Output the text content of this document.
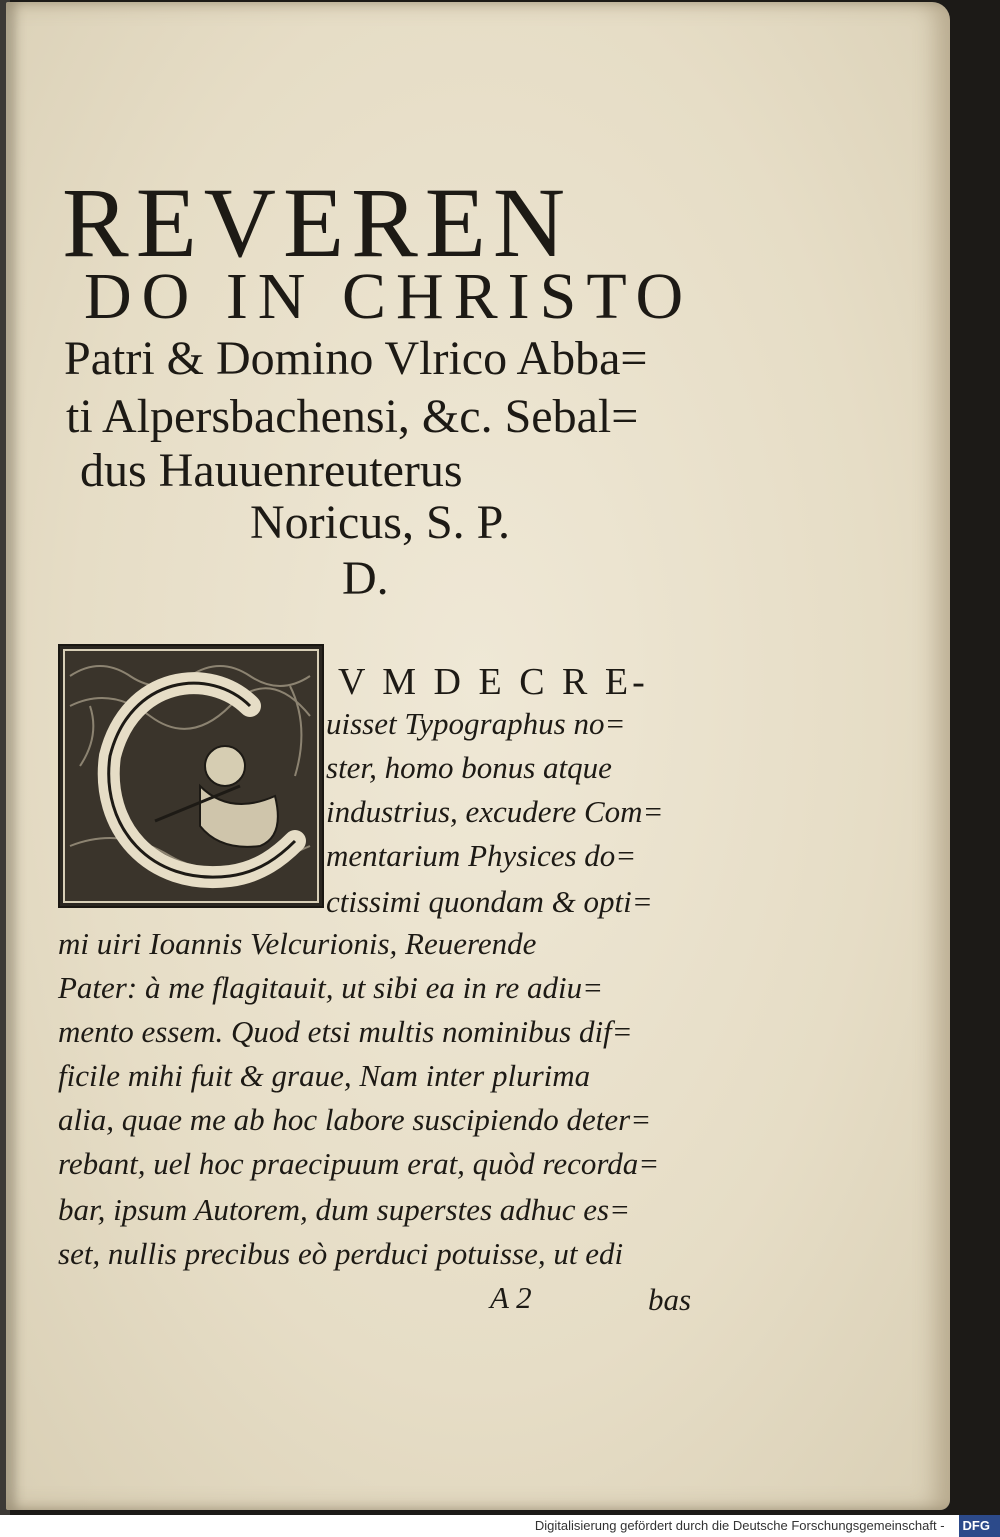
REVEREN
DO IN CHRISTO
Patri & Domino Vlrico Abba=
ti Alpersbachensi, &c. Sebal=
dus Hauuenreuterus
Noricus, S. P.
D.
V M D E C R E-
uisset Typographus no=
ster, homo bonus atque
industrius, excudere Com=
mentarium Physices do=
ctissimi quondam & opti=
mi uiri Ioannis Velcurionis, Reuerende
Pater: à me flagitauit, ut sibi ea in re adiu=
mento essem. Quod etsi multis nominibus dif=
ficile mihi fuit & graue, Nam inter plurima
alia, quae me ab hoc labore suscipiendo deter=
rebant, uel hoc praecipuum erat, quòd recorda=
bar, ipsum Autorem, dum superstes adhuc es=
set, nullis precibus eò perduci potuisse, ut edi
A 2	bas
Digitalisierung gefördert durch die Deutsche Forschungsgemeinschaft - DFG
